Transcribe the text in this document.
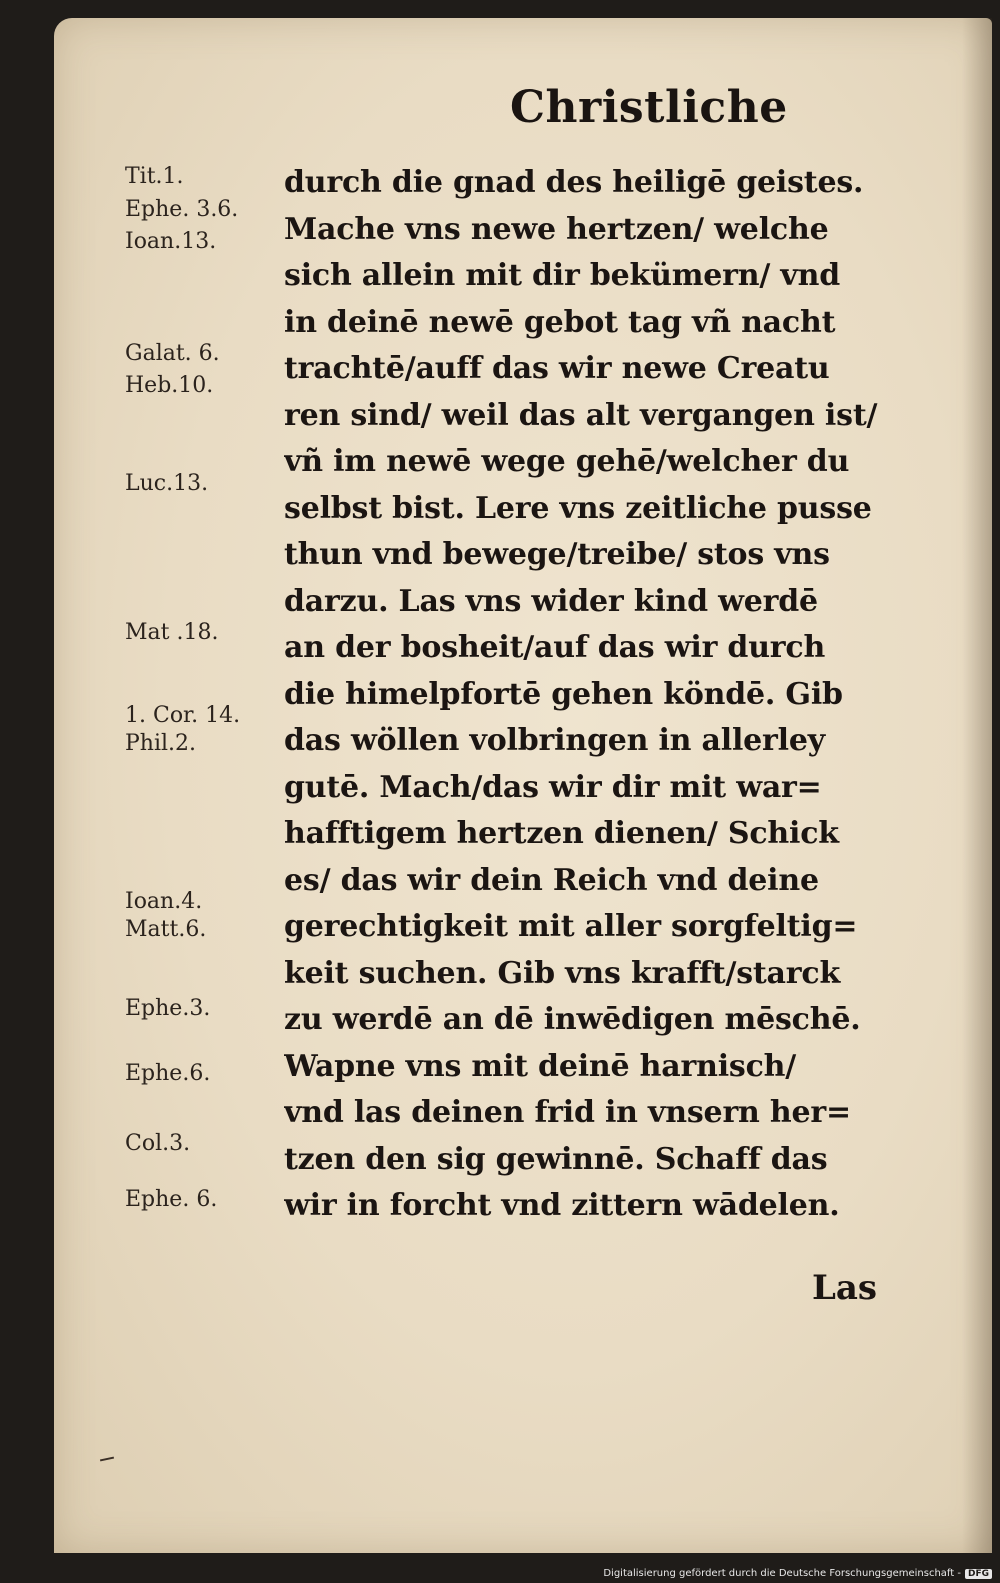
Christliche
Tit.1.
Ephe. 3.6.
Ioan.13.
Galat. 6.
Heb.10.
Luc.13.
Mat .18.
1. Cor. 14.
Phil.2.
Ioan.4.
Matt.6.
Ephe.3.
Ephe.6.
Col.3.
Ephe. 6.
durch die gnad des heiligē geistes.
Mache vns newe hertzen/ welche
sich allein mit dir bekümern/ vnd
in deinē newē gebot tag vñ nacht
trachtē/auff das wir newe Creatu
ren sind/ weil das alt vergangen ist/
vñ im newē wege gehē/welcher du
selbst bist. Lere vns zeitliche pusse
thun vnd bewege/treibe/ stos vns
darzu. Las vns wider kind werdē
an der bosheit/auf das wir durch
die himelpfortē gehen köndē. Gib
das wöllen volbringen in allerley
gutē. Mach/das wir dir mit war=
hafftigem hertzen dienen/ Schick
es/ das wir dein Reich vnd deine
gerechtigkeit mit aller sorgfeltig=
keit suchen. Gib vns krafft/starck
zu werdē an dē inwēdigen mēschē.
Wapne vns mit deinē harnisch/
vnd las deinen frid in vnsern her=
tzen den sig gewinnē. Schaff das
wir in forcht vnd zittern wādelen.
Las
Digitalisierung gefördert durch die Deutsche Forschungsgemeinschaft - DFG
